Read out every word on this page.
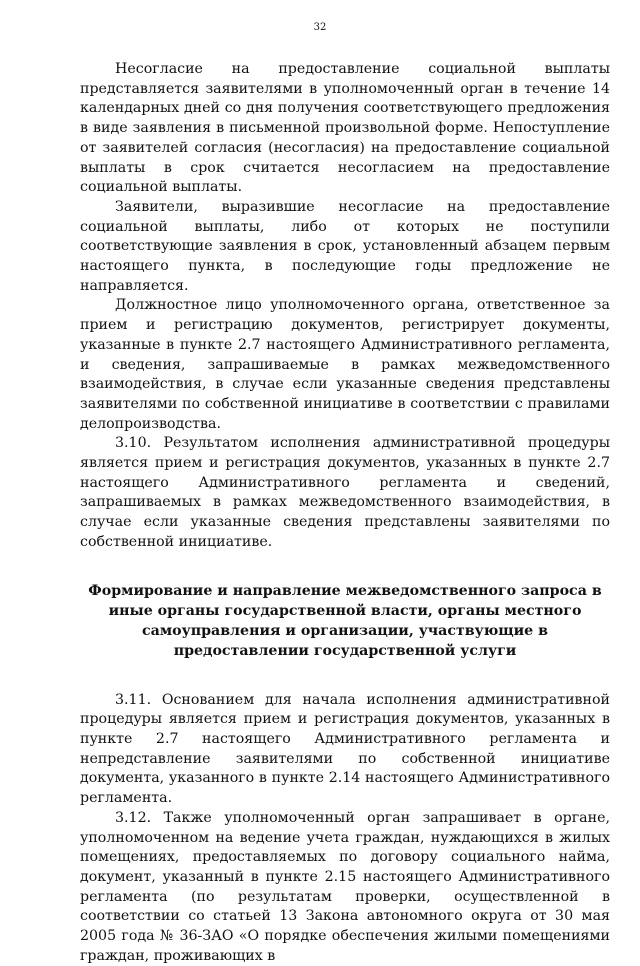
32

Несогласие на предоставление социальной выплаты представляется заявителями в уполномоченный орган в течение 14 календарных дней со дня получения соответствующего предложения в виде заявления в письменной произвольной форме. Непоступление от заявителей согласия (несогласия) на предоставление социальной выплаты в срок считается несогласием на предоставление социальной выплаты.

Заявители, выразившие несогласие на предоставление социальной выплаты, либо от которых не поступили соответствующие заявления в срок, установленный абзацем первым настоящего пункта, в последующие годы предложение не направляется.

Должностное лицо уполномоченного органа, ответственное за прием и регистрацию документов, регистрирует документы, указанные в пункте 2.7 настоящего Административного регламента, и сведения, запрашиваемые в рамках межведомственного взаимодействия, в случае если указанные сведения представлены заявителями по собственной инициативе в соответствии с правилами делопроизводства.

3.10. Результатом исполнения административной процедуры является прием и регистрация документов, указанных в пункте 2.7 настоящего Административного регламента и сведений, запрашиваемых в рамках межведомственного взаимодействия, в случае если указанные сведения представлены заявителями по собственной инициативе.

Формирование и направление межведомственного запроса в иные органы государственной власти, органы местного самоуправления и организации, участвующие в предоставлении государственной услуги

3.11. Основанием для начала исполнения административной процедуры является прием и регистрация документов, указанных в пункте 2.7 настоящего Административного регламента и непредставление заявителями по собственной инициативе документа, указанного в пункте 2.14 настоящего Административного регламента.

3.12. Также уполномоченный орган запрашивает в органе, уполномоченном на ведение учета граждан, нуждающихся в жилых помещениях, предоставляемых по договору социального найма, документ, указанный в пункте 2.15 настоящего Административного регламента (по результатам проверки, осуществленной в соответствии со статьей 13 Закона автономного округа от 30 мая 2005 года № 36-ЗАО «О порядке обеспечения жилыми помещениями граждан, проживающих в
